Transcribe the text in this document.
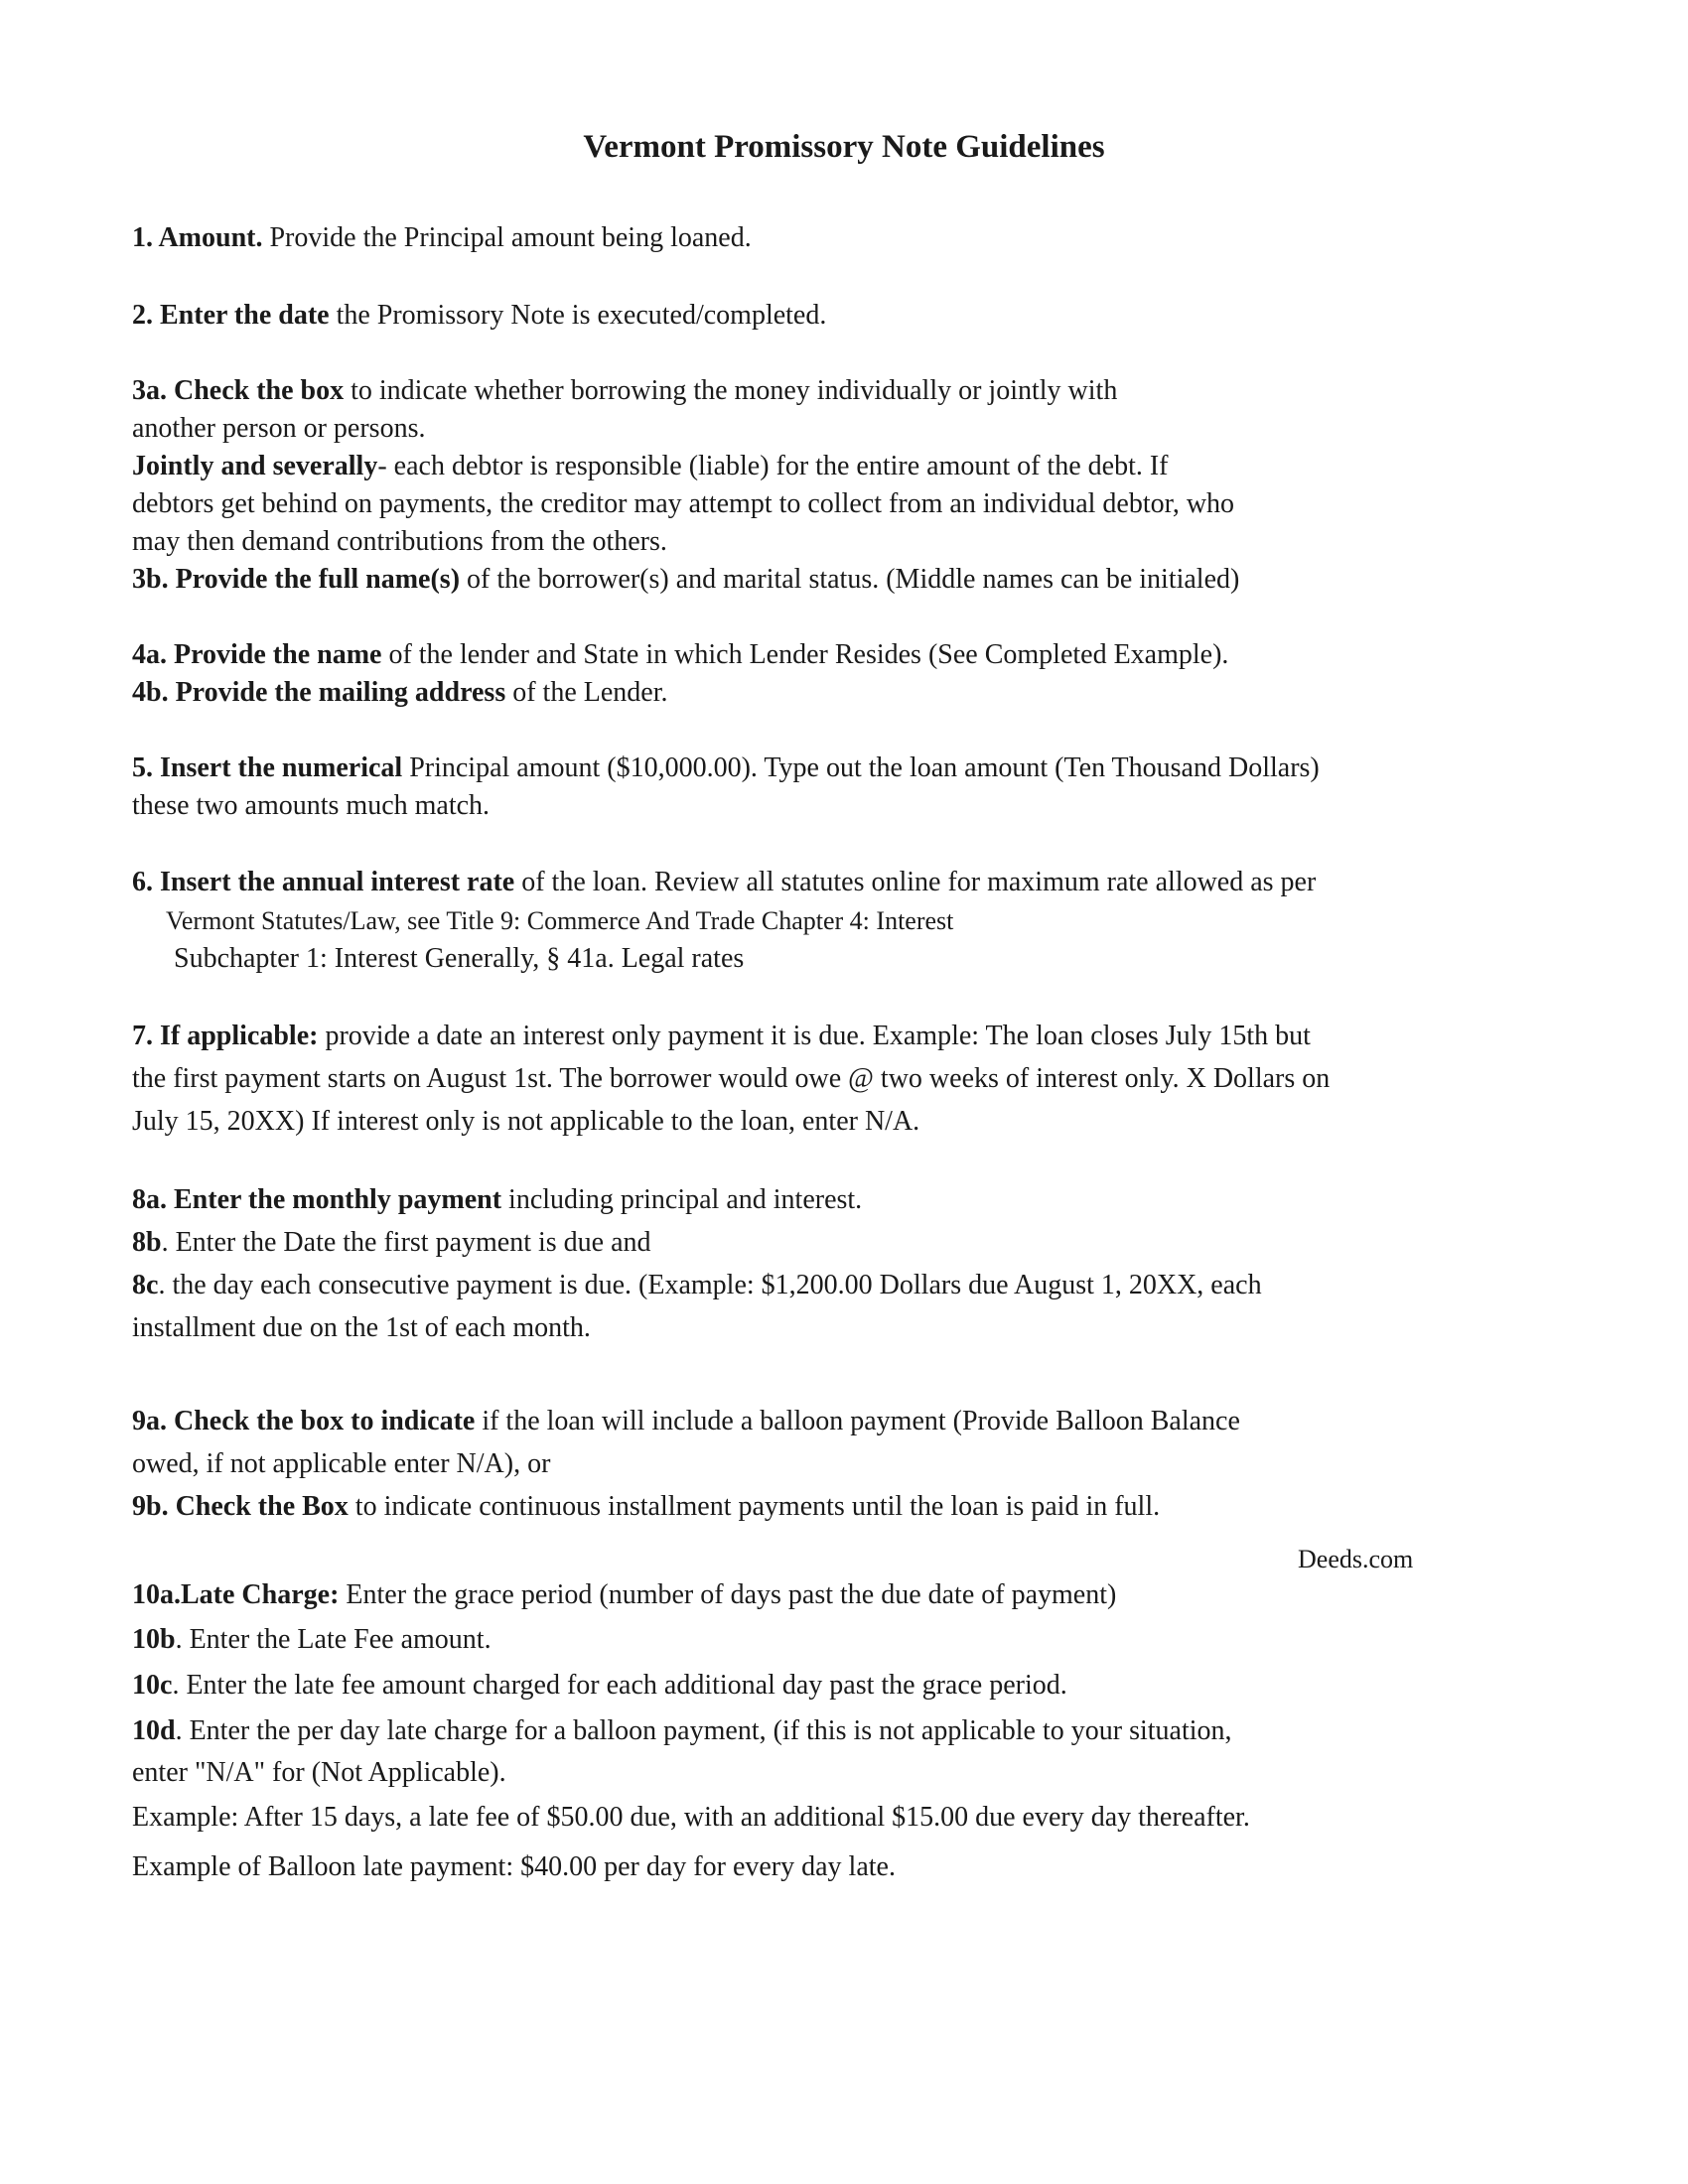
Vermont Promissory Note Guidelines
1. Amount. Provide the Principal amount being loaned.
2. Enter the date the Promissory Note is executed/completed.
3a. Check the box to indicate whether borrowing the money individually or jointly with
another person or persons.
Jointly and severally- each debtor is responsible (liable) for the entire amount of the debt. If
debtors get behind on payments, the creditor may attempt to collect from an individual debtor, who
may then demand contributions from the others.
3b. Provide the full name(s) of the borrower(s) and marital status. (Middle names can be initialed)
4a. Provide the name of the lender and State in which Lender Resides (See Completed Example).
4b. Provide the mailing address of the Lender.
5. Insert the numerical Principal amount ($10,000.00). Type out the loan amount (Ten Thousand Dollars)
these two amounts much match.
6. Insert the annual interest rate of the loan. Review all statutes online for maximum rate allowed as per
Vermont Statutes/Law, see Title 9: Commerce And Trade Chapter 4: Interest
Subchapter 1: Interest Generally, § 41a. Legal rates
7. If applicable: provide a date an interest only payment it is due. Example: The loan closes July 15th but
the first payment starts on August 1st. The borrower would owe @ two weeks of interest only. X Dollars on
July 15, 20XX) If interest only is not applicable to the loan, enter N/A.
8a. Enter the monthly payment including principal and interest.
8b. Enter the Date the first payment is due and
8c. the day each consecutive payment is due. (Example: $1,200.00 Dollars due August 1, 20XX, each
installment due on the 1st of each month.
9a. Check the box to indicate if the loan will include a balloon payment (Provide Balloon Balance
owed, if not applicable enter N/A), or
9b. Check the Box to indicate continuous installment payments until the loan is paid in full.
10a.Late Charge: Enter the grace period (number of days past the due date of payment)
10b. Enter the Late Fee amount.
10c. Enter the late fee amount charged for each additional day past the grace period.
10d. Enter the per day late charge for a balloon payment, (if this is not applicable to your situation,
enter "N/A" for (Not Applicable).
Example: After 15 days, a late fee of $50.00 due, with an additional $15.00 due every day thereafter.
Example of Balloon late payment: $40.00 per day for every day late.
Deeds.com
